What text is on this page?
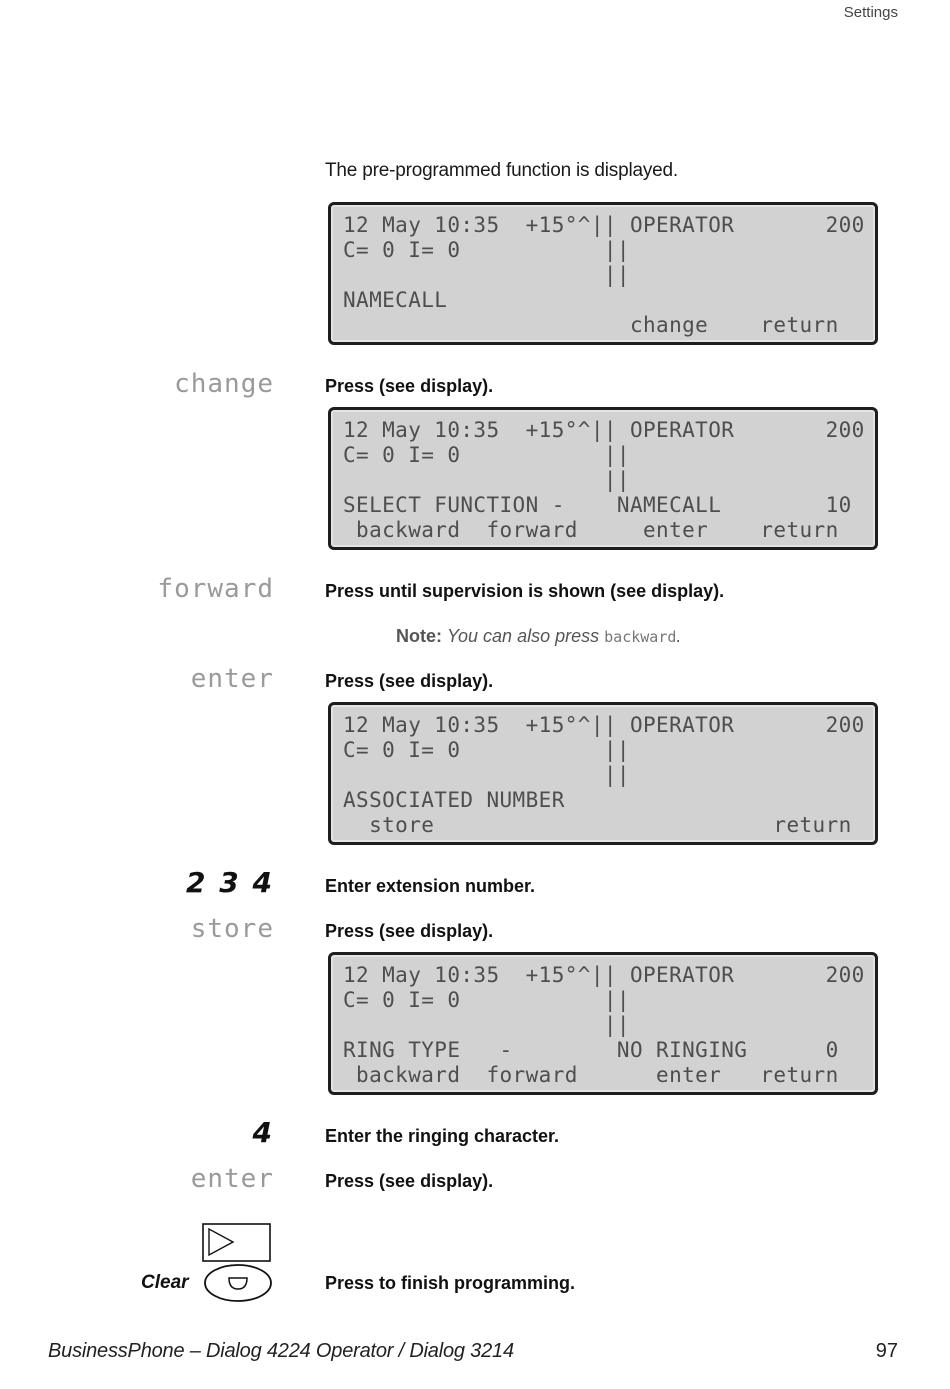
Settings
The pre-programmed function is displayed.
12 May 10:35  +15°^|| OPERATOR       200
C= 0 I= 0           ||
||
NAMECALL
change    return
change	Press (see display).
12 May 10:35  +15°^|| OPERATOR       200
C= 0 I= 0           ||
||
SELECT FUNCTION -    NAMECALL        10
backward  forward     enter    return
forward	Press until supervision is shown (see display).
Note: You can also press backward.
enter	Press (see display).
12 May 10:35  +15°^|| OPERATOR       200
C= 0 I= 0           ||
||
ASSOCIATED NUMBER
store                          return
2 3 4	Enter extension number.
store	Press (see display).
12 May 10:35  +15°^|| OPERATOR       200
C= 0 I= 0           ||
||
RING TYPE   -        NO RINGING      0
backward  forward      enter   return
4	Enter the ringing character.
enter	Press (see display).
Clear	Press to finish programming.
BusinessPhone – Dialog 4224 Operator / Dialog 3214	97
